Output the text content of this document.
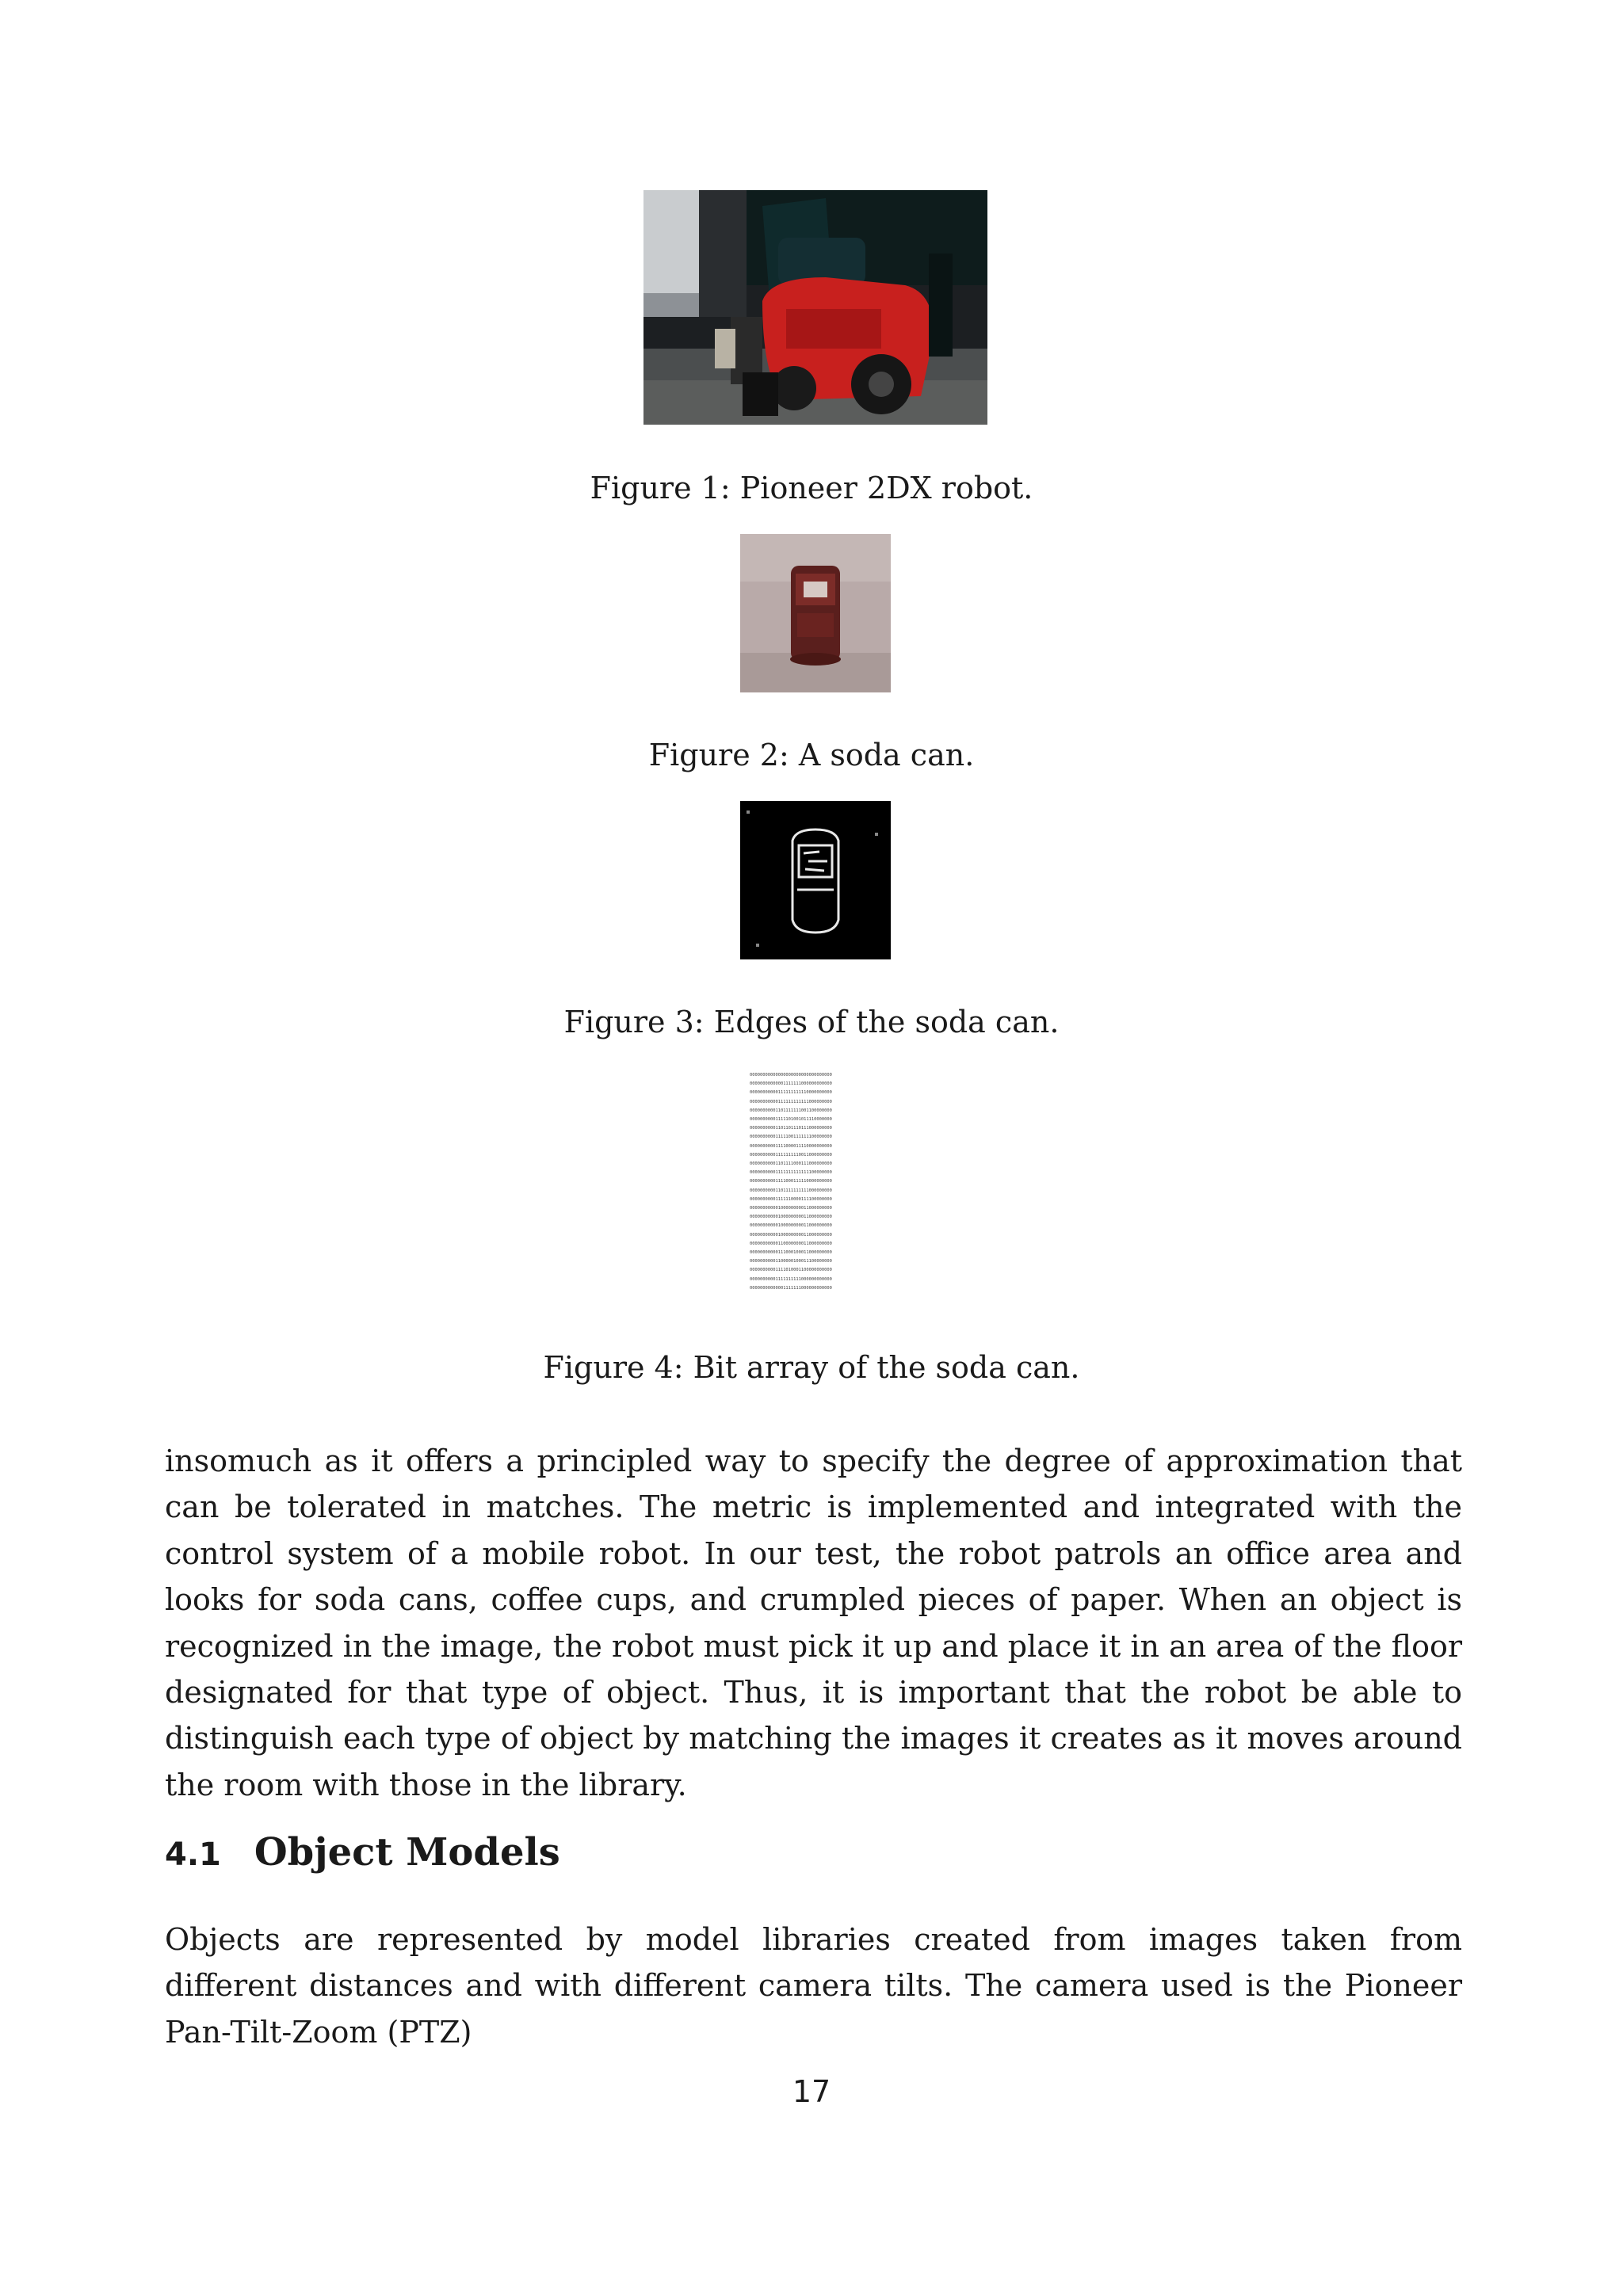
Figure 1: Pioneer 2DX robot.
Figure 2: A soda can.
Figure 3: Edges of the soda can.
00000000000000000000000000000000
00000000000001111111000000000000
00000000000111111111110000000000
00000000000111111111111000000000
00000000001101111111001100000000
00000000001111101001011110000000
00000000001101101110111000000000
00000000001111100111111100000000
00000000001111000011110000000000
00000000001111111110011000000000
00000000001101111000111000000000
00000000001111111111111100000000
00000000001111000111110000000000
00000000001101111111111000000000
00000000001111110000111100000000
00000000000100000000011000000000
00000000000100000000011000000000
00000000000100000000011000000000
00000000000100000000011000000000
00000000000110000000011000000000
00000000000111000100011000000000
00000000001100000100011100000000
00000000001111010001100000000000
00000000001111111111000000000000
00000000000001111111000000000000
Figure 4: Bit array of the soda can.

insomuch as it offers a principled way to specify the degree of approximation that can be tolerated in matches. The metric is implemented and integrated with the control system of a mobile robot. In our test, the robot patrols an office area and looks for soda cans, coffee cups, and crumpled pieces of paper. When an object is recognized in the image, the robot must pick it up and place it in an area of the floor designated for that type of object. Thus, it is important that the robot be able to distinguish each type of object by matching the images it creates as it moves around the room with those in the library.

4.1 Object Models

Objects are represented by model libraries created from images taken from different distances and with different camera tilts. The camera used is the Pioneer Pan-Tilt-Zoom (PTZ)

17
